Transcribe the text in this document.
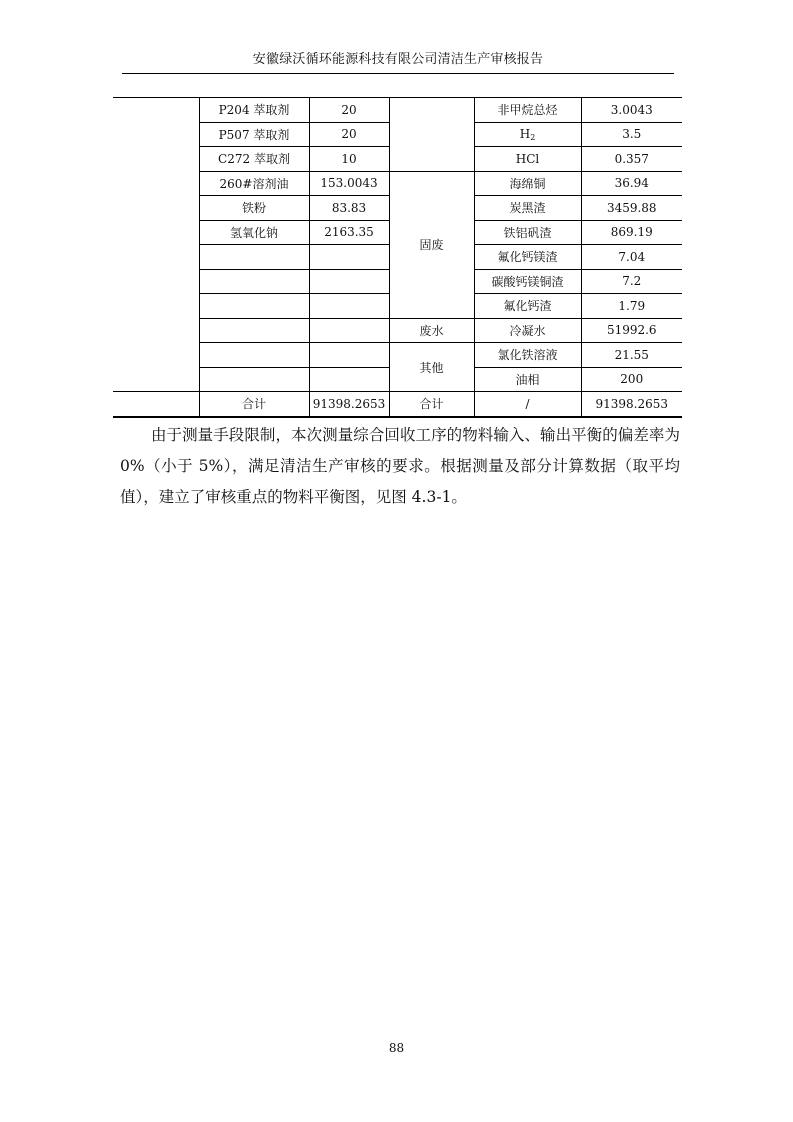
安徽绿沃循环能源科技有限公司清洁生产审核报告
	P204 萃取剂	20		非甲烷总烃	3.0043
	P507 萃取剂	20		$H_2$	3.5
	C272 萃取剂	10		HCl	0.357
	260#溶剂油	153.0043	固废	海绵铜	36.94
	铁粉	83.83		炭黑渣	3459.88
	氢氧化钠	2163.35		铁铝矾渣	869.19
				氟化钙镁渣	7.04
				碳酸钙镁铜渣	7.2
				氟化钙渣	1.79
			废水	冷凝水	51992.6
			其他	氯化铁溶液	21.55
				油相	200
	合计	91398.2653	合计	/	91398.2653

由于测量手段限制，本次测量综合回收工序的物料输入、输出平衡的偏差率为 0%（小于 5%），满足清洁生产审核的要求。根据测量及部分计算数据（取平均值），建立了审核重点的物料平衡图，见图 4.3-1。

88
